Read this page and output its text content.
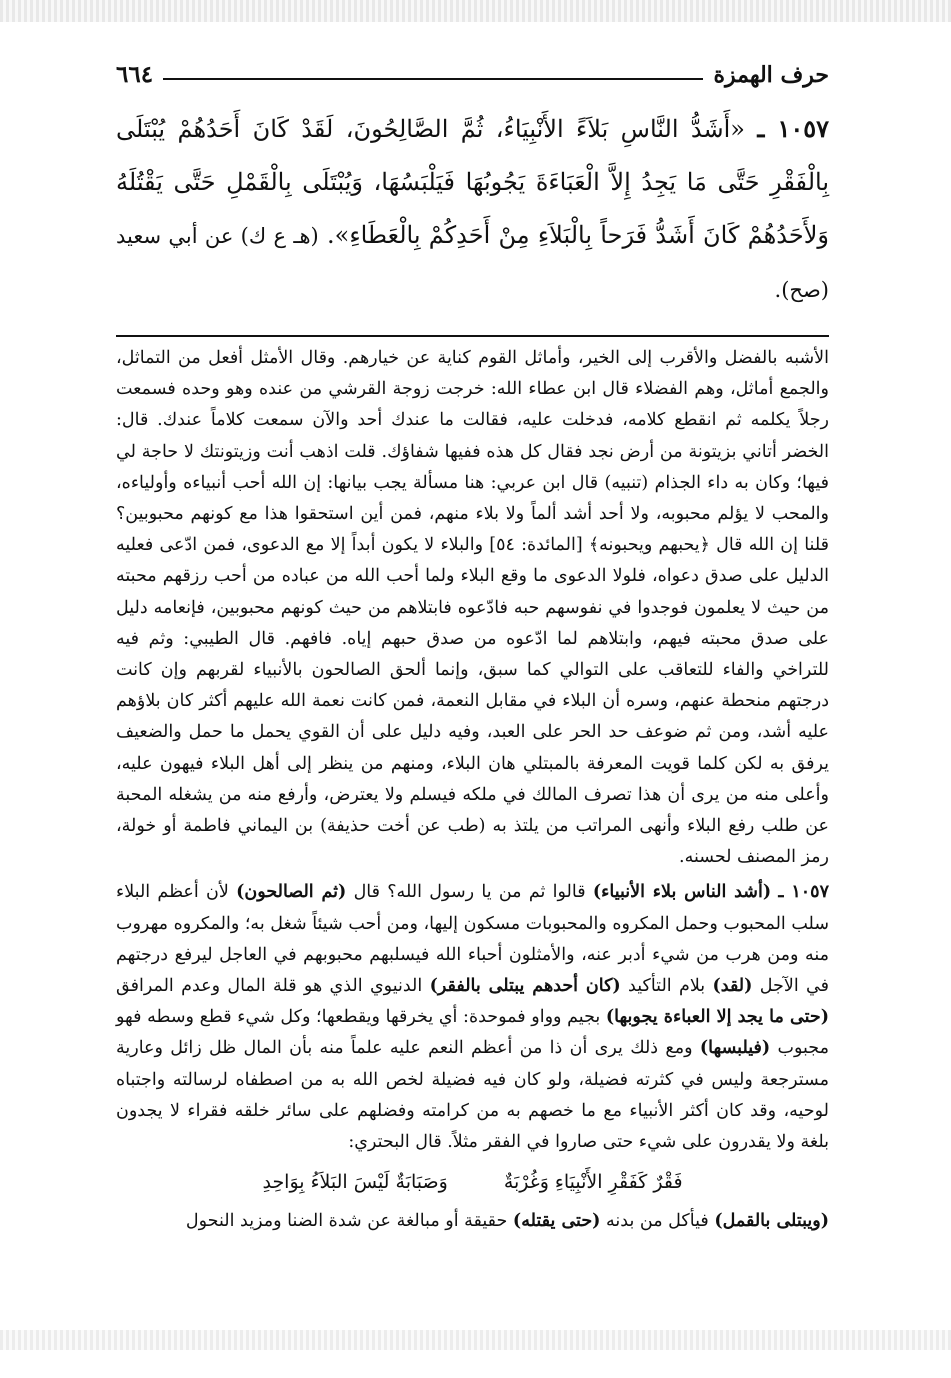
حرف الهمزة
٦٦٤
١٠٥٧ ـ «أَشَدُّ النَّاسِ بَلاَءً الأَنْبِيَاءُ، ثُمَّ الصَّالِحُونَ، لَقَدْ كَانَ أَحَدُهُمْ يُبْتَلَى بِالْفَقْرِ حَتَّى مَا يَجِدُ إِلاَّ الْعَبَاءَةَ يَجُوبُهَا فَيَلْبَسُهَا، وَيُبْتَلَى بِالْقَمْلِ حَتَّى يَقْتُلَهُ وَلأَحَدُهُمْ كَانَ أَشَدُّ فَرَحاً بِالْبَلاَءِ مِنْ أَحَدِكُمْ بِالْعَطَاءِ». (هـ ع ك) عن أبي سعيد (صح).

الأشبه بالفضل والأقرب إلى الخير، وأماثل القوم كناية عن خيارهم. وقال الأمثل أفعل من التماثل، والجمع أماثل، وهم الفضلاء قال ابن عطاء الله: خرجت زوجة القرشي من عنده وهو وحده فسمعت رجلاً يكلمه ثم انقطع كلامه، فدخلت عليه، فقالت ما عندك أحد والآن سمعت كلاماً عندك. قال: الخضر أتاني بزيتونة من أرض نجد فقال كل هذه ففيها شفاؤك. قلت اذهب أنت وزيتونتك لا حاجة لي فيها؛ وكان به داء الجذام (تنبيه) قال ابن عربي: هنا مسألة يجب بيانها: إن الله أحب أنبياءه وأولياءه، والمحب لا يؤلم محبوبه، ولا أحد أشد ألماً ولا بلاء منهم، فمن أين استحقوا هذا مع كونهم محبوبين؟ قلنا إن الله قال ﴿يحبهم ويحبونه﴾ [المائدة: ٥٤] والبلاء لا يكون أبداً إلا مع الدعوى، فمن ادّعى فعليه الدليل على صدق دعواه، فلولا الدعوى ما وقع البلاء ولما أحب الله من عباده من أحب رزقهم محبته من حيث لا يعلمون فوجدوا في نفوسهم حبه فادّعوه فابتلاهم من حيث كونهم محبوبين، فإنعامه دليل على صدق محبته فيهم، وابتلاهم لما ادّعوه من صدق حبهم إياه. فافهم. قال الطيبي: وثم فيه للتراخي والفاء للتعاقب على التوالي كما سبق، وإنما ألحق الصالحون بالأنبياء لقربهم وإن كانت درجتهم منحطة عنهم، وسره أن البلاء في مقابل النعمة، فمن كانت نعمة الله عليهم أكثر كان بلاؤهم عليه أشد، ومن ثم ضوعف حد الحر على العبد، وفيه دليل على أن القوي يحمل ما حمل والضعيف يرفق به لكن كلما قويت المعرفة بالمبتلي هان البلاء، ومنهم من ينظر إلى أهل البلاء فيهون عليه، وأعلى منه من يرى أن هذا تصرف المالك في ملكه فيسلم ولا يعترض، وأرفع منه من يشغله المحبة عن طلب رفع البلاء وأنهى المراتب من يلتذ به (طب عن أخت حذيفة) بن اليماني فاطمة أو خولة، رمز المصنف لحسنه.

١٠٥٧ ـ (أشد الناس بلاء الأنبياء) قالوا ثم من يا رسول الله؟ قال (ثم الصالحون) لأن أعظم البلاء سلب المحبوب وحمل المكروه والمحبوبات مسكون إليها، ومن أحب شيئاً شغل به؛ والمكروه مهروب منه ومن هرب من شيء أدبر عنه، والأمثلون أحباء الله فيسلبهم محبوبهم في العاجل ليرفع درجتهم في الآجل (لقد) بلام التأكيد (كان أحدهم يبتلى بالفقر) الدنيوي الذي هو قلة المال وعدم المرافق (حتى ما يجد إلا العباءة يجوبها) بجيم وواو فموحدة: أي يخرقها ويقطعها؛ وكل شيء قطع وسطه فهو مجبوب (فيلبسها) ومع ذلك يرى أن ذا من أعظم النعم عليه علماً منه بأن المال ظل زائل وعارية مسترجعة وليس في كثرته فضيلة، ولو كان فيه فضيلة لخص الله به من اصطفاه لرسالته واجتباه لوحيه، وقد كان أكثر الأنبياء مع ما خصهم به من كرامته وفضلهم على سائر خلقه فقراء لا يجدون بلغة ولا يقدرون على شيء حتى صاروا في الفقر مثلاً. قال البحتري:

فَقْرٌ كَفَقْرِ الأَنْبِيَاءِ وَغُرْبَةٌ
وَصَبَابَةٌ لَيْسَ البَلاَءُ بِوَاحِدِ

(ويبتلى بالقمل) فيأكل من بدنه (حتى يقتله) حقيقة أو مبالغة عن شدة الضنا ومزيد النحول
